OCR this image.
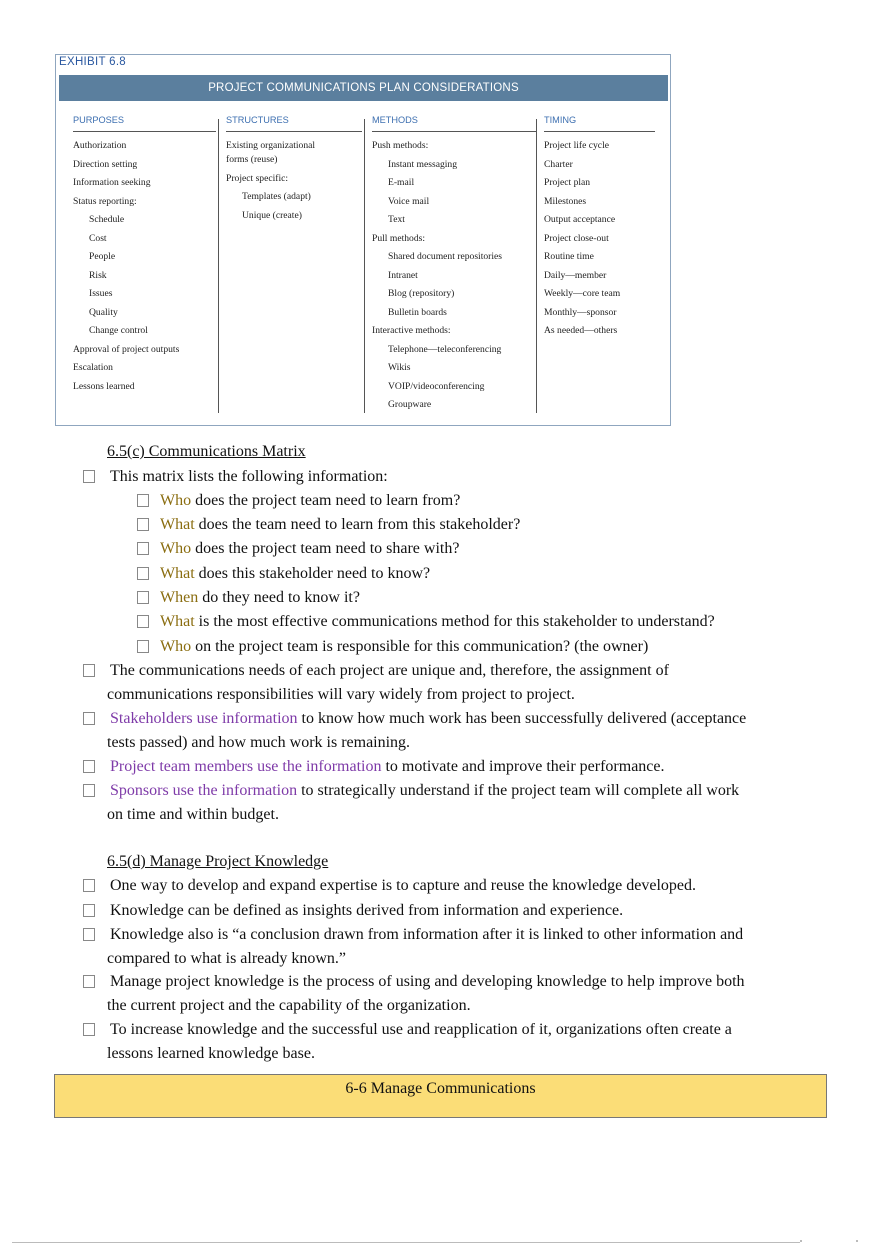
EXHIBIT 6.8
PROJECT COMMUNICATIONS PLAN CONSIDERATIONS
PURPOSES
Authorization
Direction setting
Information seeking
Status reporting:
Schedule
Cost
People
Risk
Issues
Quality
Change control
Approval of project outputs
Escalation
Lessons learned
STRUCTURES
Existing organizational
forms (reuse)
Project specific:
Templates (adapt)
Unique (create)
METHODS
Push methods:
Instant messaging
E-mail
Voice mail
Text
Pull methods:
Shared document repositories
Intranet
Blog (repository)
Bulletin boards
Interactive methods:
Telephone—teleconferencing
Wikis
VOIP/videoconferencing
Groupware
TIMING
Project life cycle
Charter
Project plan
Milestones
Output acceptance
Project close-out
Routine time
Daily—member
Weekly—core team
Monthly—sponsor
As needed—others
6.5(c) Communications Matrix
This matrix lists the following information:
Who does the project team need to learn from?
What does the team need to learn from this stakeholder?
Who does the project team need to share with?
What does this stakeholder need to know?
When do they need to know it?
What is the most effective communications method for this stakeholder to understand?
Who on the project team is responsible for this communication? (the owner)
The communications needs of each project are unique and, therefore, the assignment of
communications responsibilities will vary widely from project to project.
Stakeholders use information to know how much work has been successfully delivered (acceptance
tests passed) and how much work is remaining.
Project team members use the information to motivate and improve their performance.
Sponsors use the information to strategically understand if the project team will complete all work
on time and within budget.
6.5(d) Manage Project Knowledge
One way to develop and expand expertise is to capture and reuse the knowledge developed.
Knowledge can be defined as insights derived from information and experience.
Knowledge also is “a conclusion drawn from information after it is linked to other information and
compared to what is already known.”
Manage project knowledge is the process of using and developing knowledge to help improve both
the current project and the capability of the organization.
To increase knowledge and the successful use and reapplication of it, organizations often create a
lessons learned knowledge base.
6-6 Manage Communications
